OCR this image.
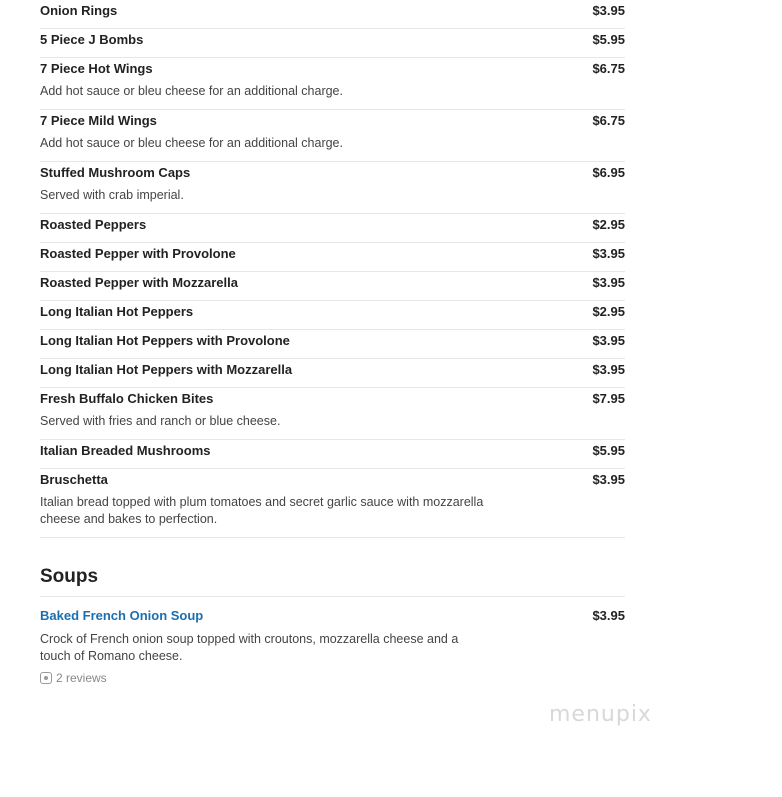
Onion Rings	$3.95
5 Piece J Bombs	$5.95
7 Piece Hot Wings	$6.75
Add hot sauce or bleu cheese for an additional charge.
7 Piece Mild Wings	$6.75
Add hot sauce or bleu cheese for an additional charge.
Stuffed Mushroom Caps	$6.95
Served with crab imperial.
Roasted Peppers	$2.95
Roasted Pepper with Provolone	$3.95
Roasted Pepper with Mozzarella	$3.95
Long Italian Hot Peppers	$2.95
Long Italian Hot Peppers with Provolone	$3.95
Long Italian Hot Peppers with Mozzarella	$3.95
Fresh Buffalo Chicken Bites	$7.95
Served with fries and ranch or blue cheese.
Italian Breaded Mushrooms	$5.95
Bruschetta	$3.95
Italian bread topped with plum tomatoes and secret garlic sauce with mozzarella cheese and bakes to perfection.
Soups
Baked French Onion Soup	$3.95
Crock of French onion soup topped with croutons, mozzarella cheese and a touch of Romano cheese.
2 reviews
menupix
